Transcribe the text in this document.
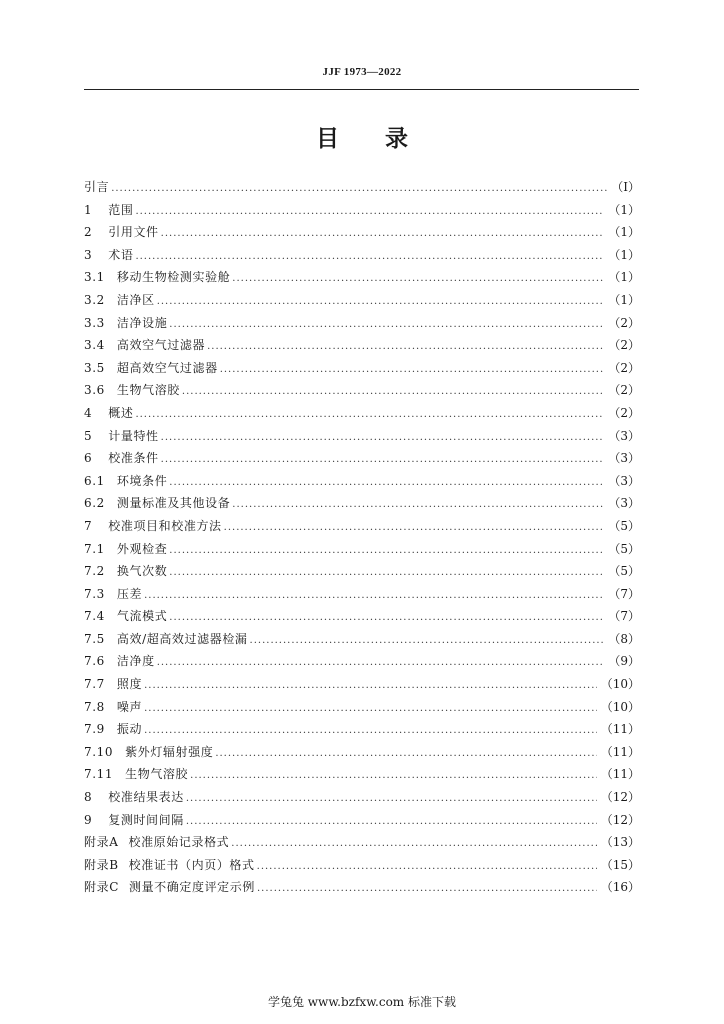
JJF 1973—2022
目　　录
引言 .....	（Ⅰ）
1 范围 .....	（1）
2 引用文件 .....	（1）
3 术语 .....	（1）
3.1 移动生物检测实验舱 .....	（1）
3.2 洁净区 .....	（1）
3.3 洁净设施 .....	（2）
3.4 高效空气过滤器 .....	（2）
3.5 超高效空气过滤器 .....	（2）
3.6 生物气溶胶 .....	（2）
4 概述 .....	（2）
5 计量特性 .....	（3）
6 校准条件 .....	（3）
6.1 环境条件 .....	（3）
6.2 测量标准及其他设备 .....	（3）
7 校准项目和校准方法 .....	（5）
7.1 外观检查 .....	（5）
7.2 换气次数 .....	（5）
7.3 压差 .....	（7）
7.4 气流模式 .....	（7）
7.5 高效/超高效过滤器检漏 .....	（8）
7.6 洁净度 .....	（9）
7.7 照度 .....	（10）
7.8 噪声 .....	（10）
7.9 振动 .....	（11）
7.10 紫外灯辐射强度 .....	（11）
7.11 生物气溶胶 .....	（11）
8 校准结果表达 .....	（12）
9 复测时间间隔 .....	（12）
附录A 校准原始记录格式 .....	（13）
附录B 校准证书（内页）格式 .....	（15）
附录C 测量不确定度评定示例 .....	（16）
学兔兔 www.bzfxw.com 标准下载
